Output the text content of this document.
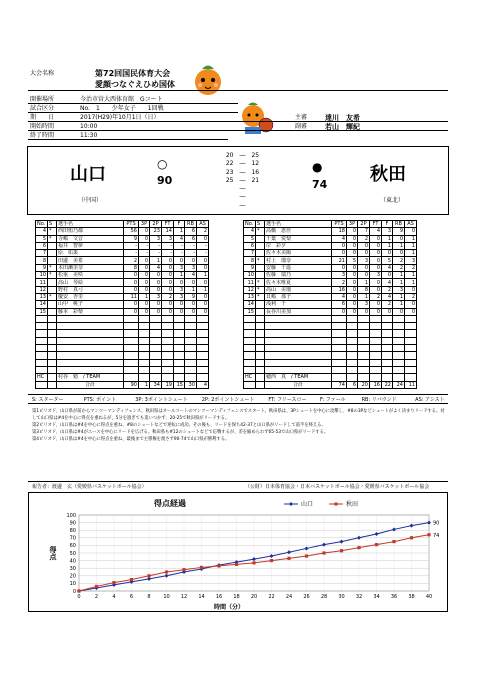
大会名称	第72回国民体育大会
愛顔つなぐえひめ国体
開催場所	今治市営大西体育館　Gコート
試合区分	No.　1　　少年女子　　1回戦
期　　日	2017(H29)年10月1日（日）
開始時間	10:00
終了時間	11:30
主審	達川　友希
副審	若山　輝紀
山口
（中国）
○
90
●
74 秋田
（東北）
20　―　25
22　―　12
23　―　16
25　―　21
―
―
―
No.	S	選手名	PTS	3P	2P	FT	F	RB	AS
4	*	西田侑乃都	56	0	23	14	1	6	2
5	*	寺嶋　文音	9	0	3	3	4	6	0
6		福井　智夢	-	-	-	-	-	-	-
7		原　佑果	-	-	-	-	-	-	-
8		田邊　美希	2	0	1	0	0	0	0
9	*	本田瀬里奈	8	0	4	0	3	3	0
10	*	松重　美咲	0	0	0	0	1	4	1
11		髙山　琴絵	0	0	0	0	0	0	0
12		野村　真弓	0	0	0	0	3	1	1
13	*	慶安　杏里	11	1	3	2	3	9	0
14		山中　桃子	0	0	0	0	0	0	0
15		藤本　彩楽	0	0	0	0	0	0	0

HC		村谷　勉　/ TEAM							
		合計	90	1	34	19	15	30	4
No.	S	選手名	PTS	3P	2P	FT	F	RB	AS
4	*	高橋　恵佳	18	0	7	4	3	9	0
5		千葉　愛梨	4	0	2	0	1	0	1
6		岸　彩夕	0	0	0	0	1	1	1
7		佐々木美陽	0	0	0	0	0	0	1
8	*	村上　瑠奈	21	5	3	0	5	2	3
9		安藤　千遥	0	0	0	0	4	2	2
10		佐藤　瑞乃	3	0	0	3	0	1	1
11	*	佐々木唯夏	2	0	1	0	4	1	1
12	*	髙山　美瑠	16	0	8	0	2	3	0
13	*	貝嶋　那子	4	0	1	2	4	1	2
14		浅利　千	6	0	3	0	2	1	0
15		長谷川美加	0	0	0	0	0	0	0

HC		穂西　真　/ TEAM							
		合計	74	6	20	16	22	24	11
S: スターター	PTS: ポイント	3P: 3ポイントシュート	2P: 2ポイントシュート	FT: フリースロー	F: ファール	RB: リバウンド	AS: アシスト
第1ピリオド、山口県が前からマンツーマンディフェンス、秋田県はオールコートのマンツーマンディフェンスでスタート。秋田県は、3Pシュートを中心に攻撃し、#8の3Pなどシュートがよく決まりリードする。対
して山口県は#4を中心に得点を重ねるが、5分を過ぎても追いつかず、20-25で秋田県がリードする。
第2ピリオド、山口県は#4を中心に得点を重ね、#8のシュートなどで逆転に成功。その後も、リードを保ち42-37と山口県がリードして前半を終える。
第3ピリオド、山口県は#4がエースを中心にリードを広げる。秋田県も#12のシュートなどで応戦するが、差を縮められず65-53で山口県がリードする。
第4ピリオド、山口県は#4を中心に得点を重ね、最後まで主導権を渡さず90-74で山口県が勝利する。
報告者：渡邊　玄（愛媛県バスケットボール協会）	（公財）日本体育協会・日本バスケットボール協会・愛媛県バスケットボール協会
得点経過
0
10
20
30
40
50
60
70
80
90
100
0	2	4	6	8	10 12 14 16 18 20 22 24 26 28 30 32 34 36 38 40
時間（分）
得点
90
山口
74
秋田
